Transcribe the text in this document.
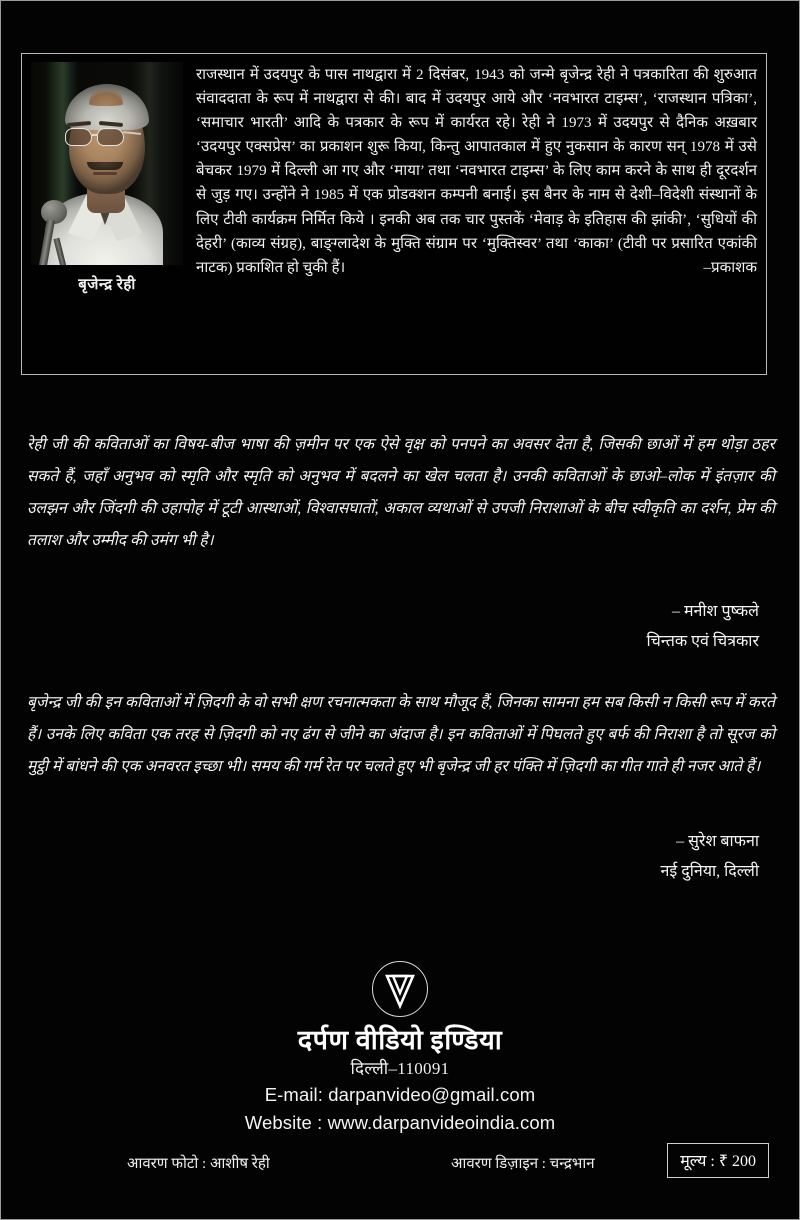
बृजेन्द्र रेही

राजस्थान में उदयपुर के पास नाथद्वारा में 2 दिसंबर, 1943 को जन्मे बृजेन्द्र रेही ने पत्रकारिता की शुरुआत संवाददाता के रूप में नाथद्वारा से की। बाद में उदयपुर आये और ‘नवभारत टाइम्स’, ‘राजस्थान पत्रिका’, ‘समाचार भारती’ आदि के पत्रकार के रूप में कार्यरत रहे। रेही ने 1973 में उदयपुर से दैनिक अख़बार ‘उदयपुर एक्सप्रेस’ का प्रकाशन शुरू किया, किन्तु आपातकाल में हुए नुकसान के कारण सन् 1978 में उसे बेचकर 1979 में दिल्ली आ गए और ‘माया’ तथा ‘नवभारत टाइम्स’ के लिए काम करने के साथ ही दूरदर्शन से जुड़ गए। उन्होंने ने 1985 में एक प्रोडक्शन कम्पनी बनाई। इस बैनर के नाम से देशी–विदेशी संस्थानों के लिए टीवी कार्यक्रम निर्मित किये । इनकी अब तक चार पुस्तकें ‘मेवाड़ के इतिहास की झांकी’, ‘सुधियों की देहरी’ (काव्य संग्रह), बाङ्ग्लादेश के मुक्ति संग्राम पर ‘मुक्तिस्वर’ तथा ‘काका’ (टीवी पर प्रसारित एकांकी नाटक) प्रकाशित हो चुकी हैं।	–प्रकाशक

रेही जी की कविताओं का विषय-बीज भाषा की ज़मीन पर एक ऐसे वृक्ष को पनपने का अवसर देता है, जिसकी छाओं में हम थोड़ा ठहर सकते हैं, जहाँ अनुभव को स्मृति और स्मृति को अनुभव में बदलने का खेल चलता है। उनकी कविताओं के छाओ–लोक में इंतज़ार की उलझन और जिंदगी की उहापोह में टूटी आस्थाओं, विश्वासघातों, अकाल व्यथाओं से उपजी निराशाओं के बीच स्वीकृति का दर्शन, प्रेम की तलाश और उम्मीद की उमंग भी है।

– मनीश पुष्कले
चिन्तक एवं चित्रकार

बृजेन्द्र जी की इन कविताओं में ज़िदगी के वो सभी क्षण रचनात्मकता के साथ मौजूद हैं, जिनका सामना हम सब किसी न किसी रूप में करते हैं। उनके लिए कविता एक तरह से ज़िदगी को नए ढंग से जीने का अंदाज है। इन कविताओं में पिघलते हुए बर्फ की निराशा है तो सूरज को मुट्ठी में बांधने की एक अनवरत इच्छा भी। समय की गर्म रेत पर चलते हुए भी बृजेन्द्र जी हर पंक्ति में ज़िदगी का गीत गाते ही नजर आते हैं।

– सुरेश बाफना
नई दुनिया, दिल्ली
दर्पण वीडियो इण्डिया
दिल्ली–110091
E-mail: darpanvideo@gmail.com
Website : www.darpanvideoindia.com
आवरण फोटो : आशीष रेही	आवरण डिज़ाइन : चन्द्रभान	मूल्य : ₹ 200
